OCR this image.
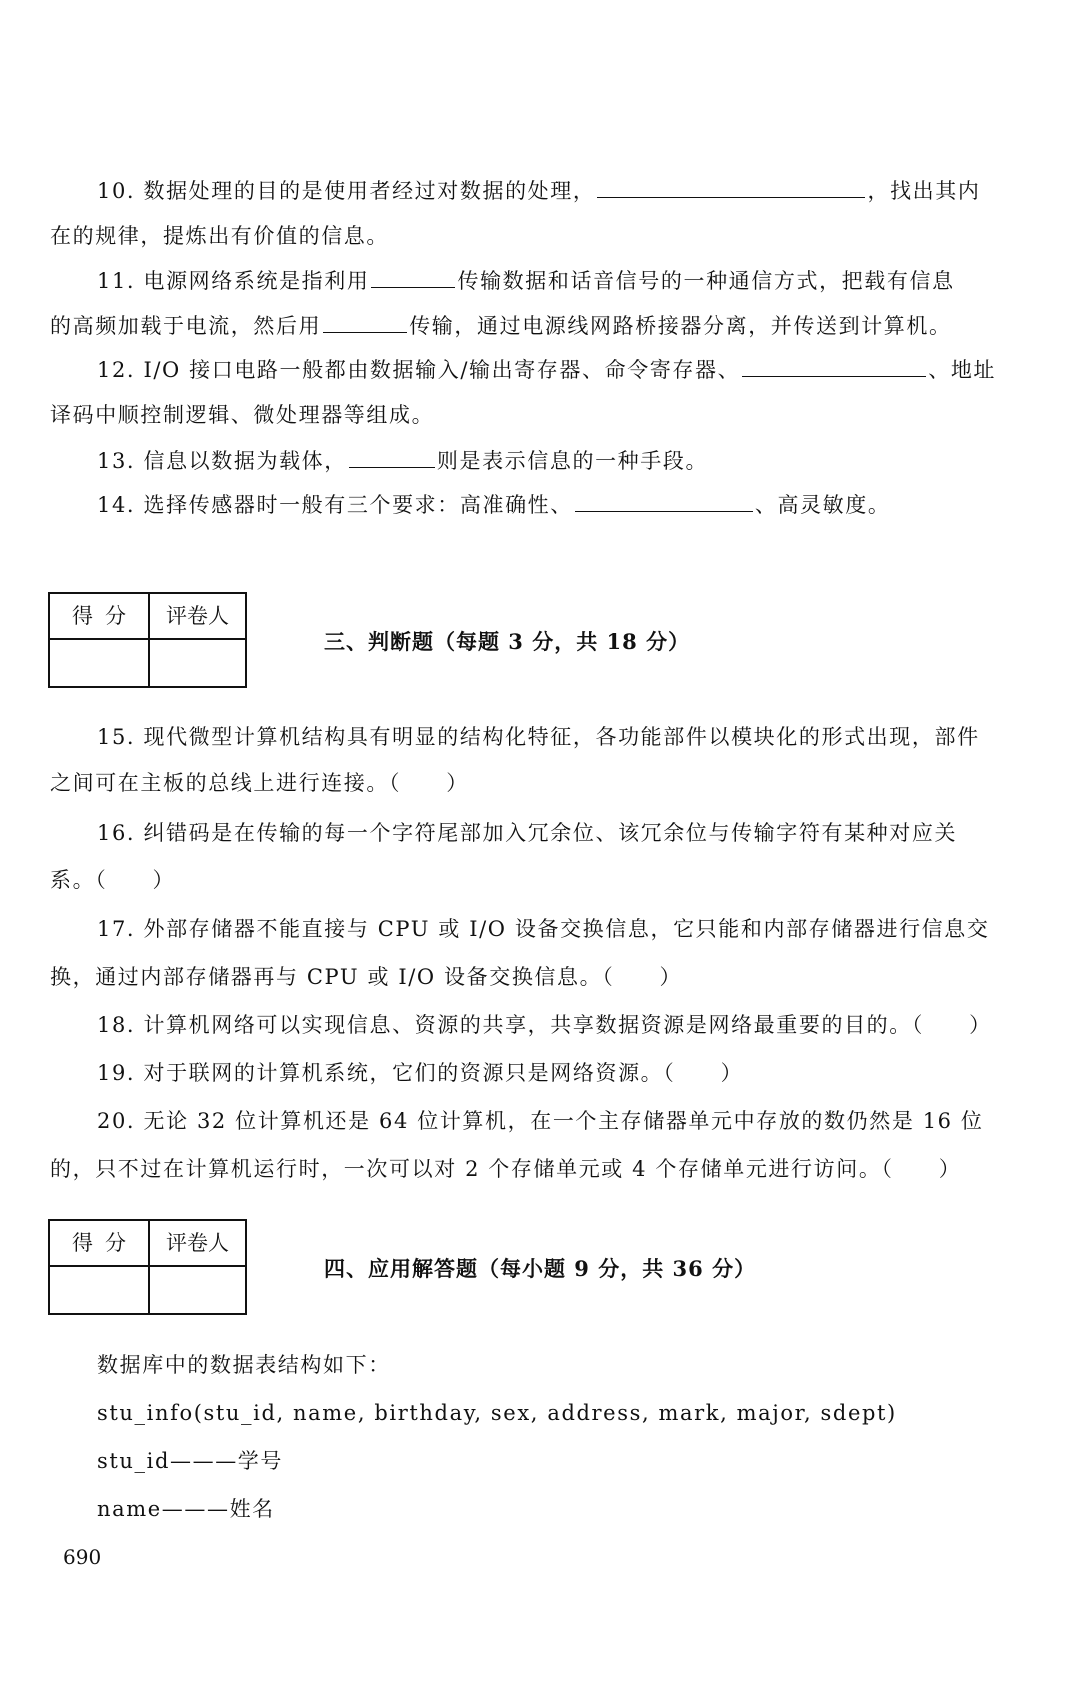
10. 数据处理的目的是使用者经过对数据的处理，	，找出其内
在的规律，提炼出有价值的信息。
11. 电源网络系统是指利用	传输数据和话音信号的一种通信方式，把载有信息
的高频加载于电流，然后用	传输，通过电源线网路桥接器分离，并传送到计算机。
12. I/O 接口电路一般都由数据输入/输出寄存器、命令寄存器、	、地址
译码中顺控制逻辑、微处理器等组成。
13. 信息以数据为载体，	则是表示信息的一种手段。
14. 选择传感器时一般有三个要求：高准确性、	、高灵敏度。
得分	评卷人
三、判断题（每题 3 分，共 18 分）
15. 现代微型计算机结构具有明显的结构化特征，各功能部件以模块化的形式出现，部件
之间可在主板的总线上进行连接。（　　）
16. 纠错码是在传输的每一个字符尾部加入冗余位、该冗余位与传输字符有某种对应关
系。（　　）
17. 外部存储器不能直接与 CPU 或 I/O 设备交换信息，它只能和内部存储器进行信息交
换，通过内部存储器再与 CPU 或 I/O 设备交换信息。（　　）
18. 计算机网络可以实现信息、资源的共享，共享数据资源是网络最重要的目的。（　　）
19. 对于联网的计算机系统，它们的资源只是网络资源。（　　）
20. 无论 32 位计算机还是 64 位计算机，在一个主存储器单元中存放的数仍然是 16 位
的，只不过在计算机运行时，一次可以对 2 个存储单元或 4 个存储单元进行访问。（　　）
得分	评卷人
四、应用解答题（每小题 9 分，共 36 分）
数据库中的数据表结构如下：
stu_info(stu_id, name, birthday, sex, address, mark, major, sdept)
stu_id———学号
name———姓名
690
